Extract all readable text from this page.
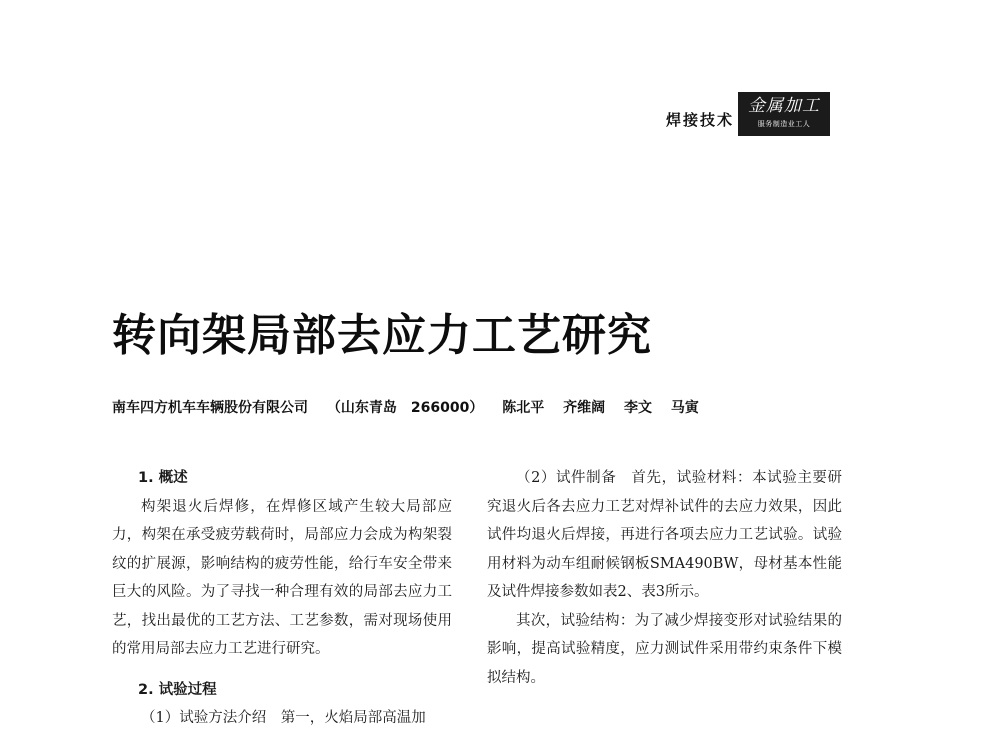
焊接技术
金属加工
服务制造业工人
转向架局部去应力工艺研究
南车四方机车车辆股份有限公司 （山东青岛　266000） 陈北平 齐维阔 李文 马寅

1. 概述

构架退火后焊修，在焊修区域产生较大局部应力，构架在承受疲劳载荷时，局部应力会成为构架裂纹的扩展源，影响结构的疲劳性能，给行车安全带来巨大的风险。为了寻找一种合理有效的局部去应力工艺，找出最优的工艺方法、工艺参数，需对现场使用的常用局部去应力工艺进行研究。

2. 试验过程

（1）试验方法介绍　第一，火焰局部高温加

（2）试件制备　首先，试验材料：本试验主要研究退火后各去应力工艺对焊补试件的去应力效果，因此试件均退火后焊接，再进行各项去应力工艺试验。试验用材料为动车组耐候钢板SMA490BW，母材基本性能及试件焊接参数如表2、表3所示。

其次，试验结构：为了减少焊接变形对试验结果的影响，提高试验精度，应力测试件采用带约束条件下模拟结构。
